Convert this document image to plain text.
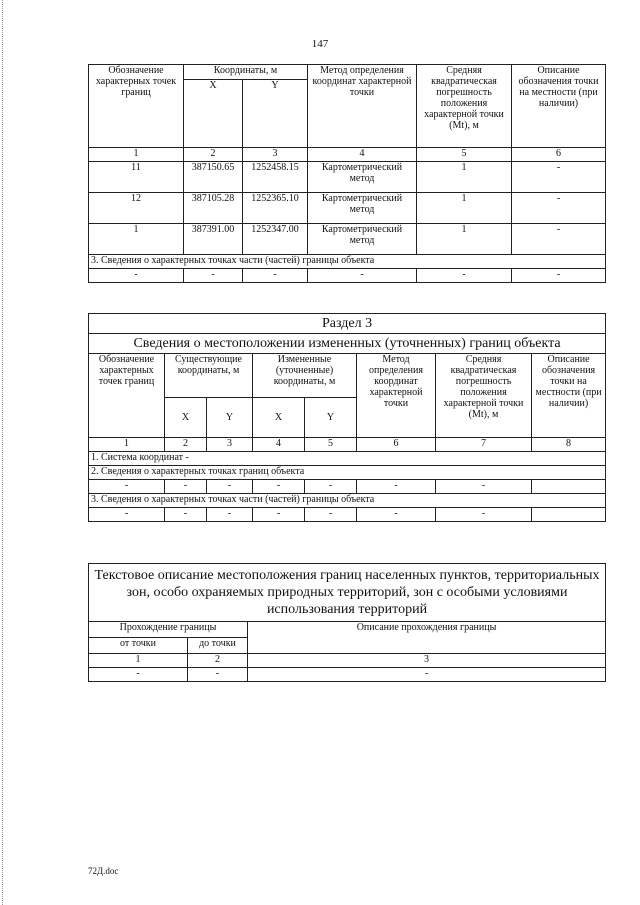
147
Обозначение характерных точек границ	Координаты, м		Метод определения координат характерной точки	Средняя квадратическая погрешность положения характерной точки (Mt), м	Описание обозначения точки на местности (при наличии)
	X	Y			
1	2	3	4	5	6
11	387150.65	1252458.15	Картометрический метод	1	-
12	387105.28	1252365.10	Картометрический метод	1	-
1	387391.00	1252347.00	Картометрический метод	1	-
3. Сведения о характерных точках части (частей) границы объекта					
-	-	-	-	-	-
Раздел 3							
Сведения о местоположении измененных (уточненных) границ объекта							
Обозначение характерных точек границ	Существующие координаты, м		Измененные (уточненные) координаты, м		Метод определения координат характерной точки	Средняя квадратическая погрешность положения характерной точки (Mt), м	Описание обозначения точки на местности (при наличии)
	X	Y	X	Y			
1	2	3	4	5	6	7	8
1. Система координат -							
2. Сведения о характерных точках границ объекта							
-	-	-	-	-	-	-	
3. Сведения о характерных точках части (частей) границы объекта							
-	-	-	-	-	-	-	
Текстовое описание местоположения границ населенных пунктов, территориальных зон, особо охраняемых природных территорий, зон с особыми условиями использования территорий		
Прохождение границы		Описание прохождения границы
от точки	до точки	
1	2	3
-	-	-
72Д.doc
